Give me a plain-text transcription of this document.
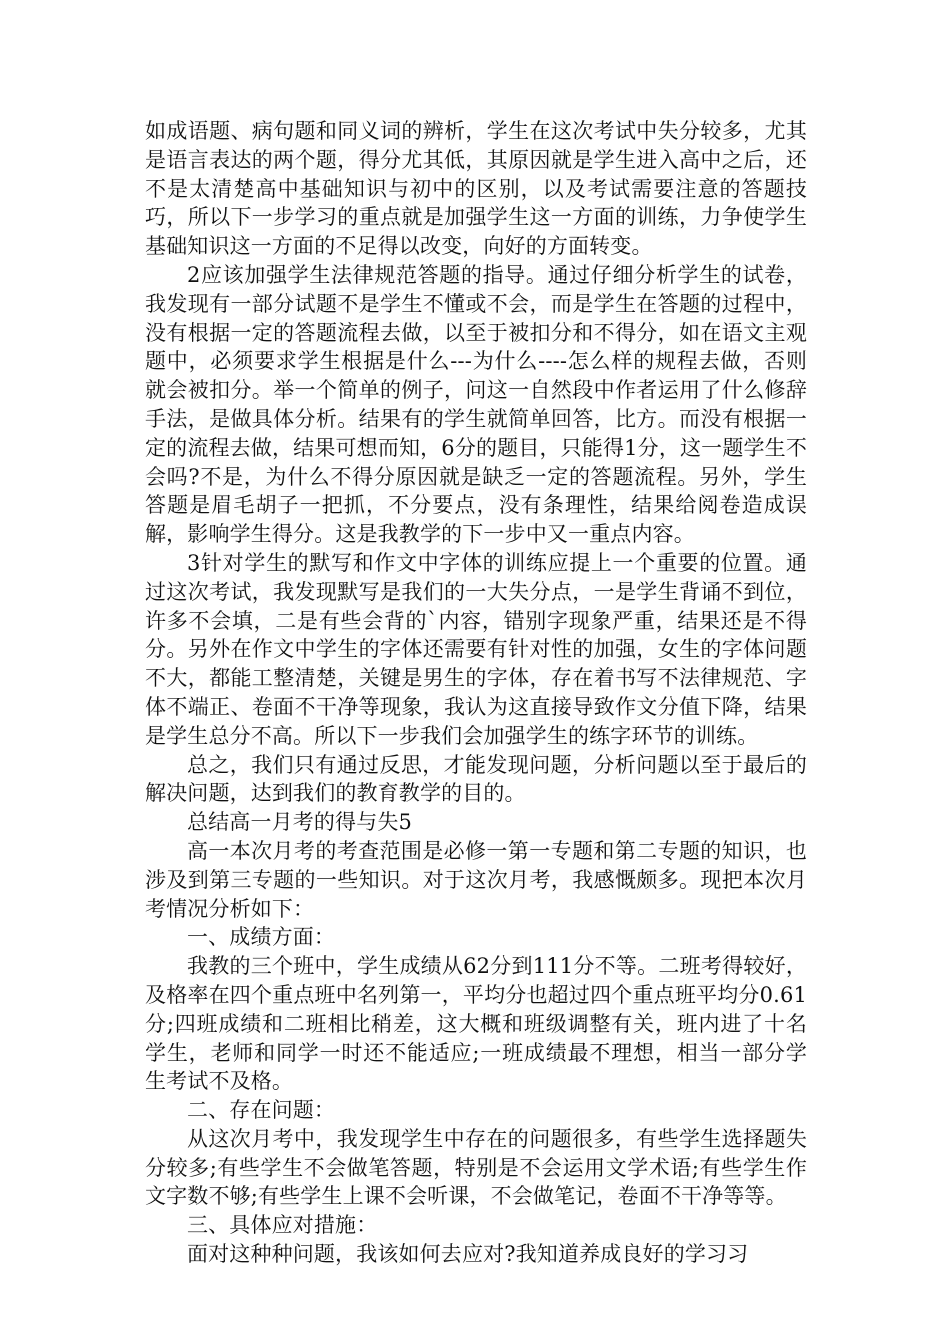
如成语题、病句题和同义词的辨析，学生在这次考试中失分较多，尤其是语言表达的两个题，得分尤其低，其原因就是学生进入高中之后，还不是太清楚高中基础知识与初中的区别，以及考试需要注意的答题技巧，所以下一步学习的重点就是加强学生这一方面的训练，力争使学生基础知识这一方面的不足得以改变，向好的方面转变。

2应该加强学生法律规范答题的指导。通过仔细分析学生的试卷，我发现有一部分试题不是学生不懂或不会，而是学生在答题的过程中，没有根据一定的答题流程去做，以至于被扣分和不得分，如在语文主观题中，必须要求学生根据是什么---为什么----怎么样的规程去做，否则就会被扣分。举一个简单的例子，问这一自然段中作者运用了什么修辞手法，是做具体分析。结果有的学生就简单回答，比方。而没有根据一定的流程去做，结果可想而知，6分的题目，只能得1分，这一题学生不会吗?不是，为什么不得分原因就是缺乏一定的答题流程。另外，学生答题是眉毛胡子一把抓，不分要点，没有条理性，结果给阅卷造成误解，影响学生得分。这是我教学的下一步中又一重点内容。

3针对学生的默写和作文中字体的训练应提上一个重要的位置。通过这次考试，我发现默写是我们的一大失分点，一是学生背诵不到位，许多不会填，二是有些会背的`内容，错别字现象严重，结果还是不得分。另外在作文中学生的字体还需要有针对性的加强，女生的字体问题不大，都能工整清楚，关键是男生的字体，存在着书写不法律规范、字体不端正、卷面不干净等现象，我认为这直接导致作文分值下降，结果是学生总分不高。所以下一步我们会加强学生的练字环节的训练。

总之，我们只有通过反思，才能发现问题，分析问题以至于最后的解决问题，达到我们的教育教学的目的。

总结高一月考的得与失5

高一本次月考的考查范围是必修一第一专题和第二专题的知识，也涉及到第三专题的一些知识。对于这次月考，我感慨颇多。现把本次月考情况分析如下：

一、成绩方面：

我教的三个班中，学生成绩从62分到111分不等。二班考得较好，及格率在四个重点班中名列第一，平均分也超过四个重点班平均分0.61分;四班成绩和二班相比稍差，这大概和班级调整有关，班内进了十名学生，老师和同学一时还不能适应;一班成绩最不理想，相当一部分学生考试不及格。

二、存在问题：

从这次月考中，我发现学生中存在的问题很多，有些学生选择题失分较多;有些学生不会做笔答题，特别是不会运用文学术语;有些学生作文字数不够;有些学生上课不会听课，不会做笔记，卷面不干净等等。

三、具体应对措施：

面对这种种问题，我该如何去应对?我知道养成良好的学习习
